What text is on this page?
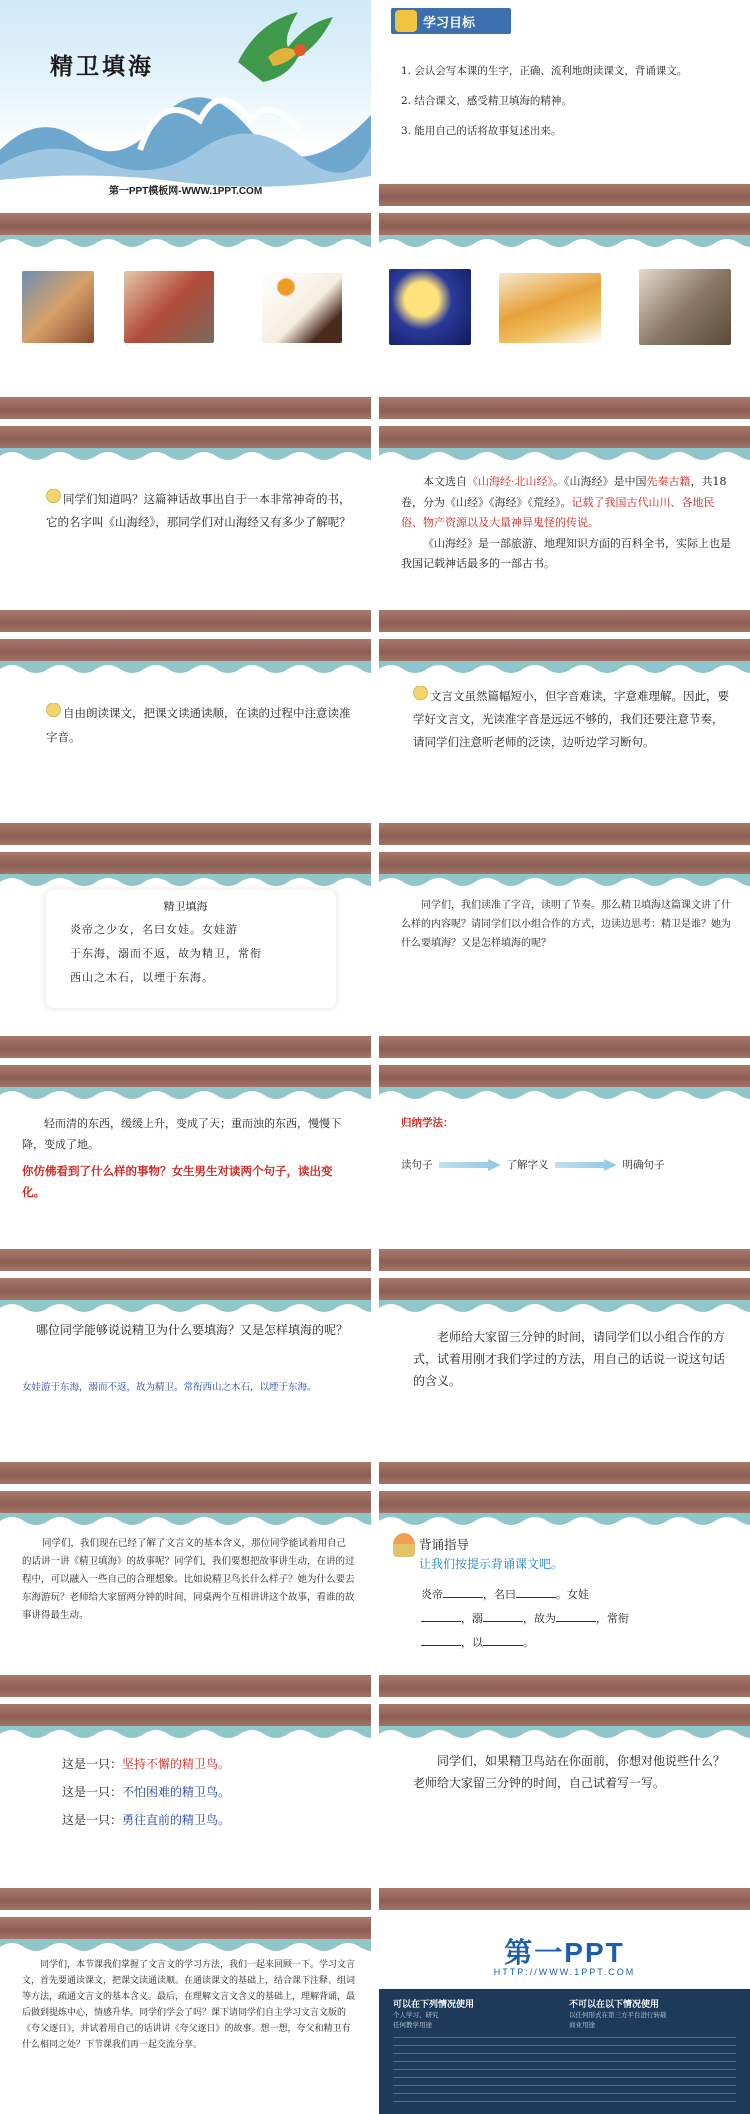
精卫填海
第一PPT模板网-WWW.1PPT.COM
学习目标
1. 会认会写本课的生字，正确、流利地朗读课文，背诵课文。
2. 结合课文，感受精卫填海的精神。
3. 能用自己的话将故事复述出来。
同学们知道吗？这篇神话故事出自于一本非常神奇的书，它的名字叫《山海经》，那同学们对山海经又有多少了解呢？

本文选自《山海经·北山经》。《山海经》是中国先秦古籍，共18卷，分为《山经》《海经》《荒经》。记载了我国古代山川、各地民俗、物产资源以及大量神异鬼怪的传说。

《山海经》是一部旅游、地理知识方面的百科全书，实际上也是我国记载神话最多的一部古书。

自由朗读课文，把课文读通读顺，在读的过程中注意读准字音。
文言文虽然篇幅短小，但字音难读，字意难理解。因此，要学好文言文，光读准字音是远远不够的，我们还要注意节奏，请同学们注意听老师的泛读，边听边学习断句。
精卫填海
炎帝之少女，名曰女娃。女娃游
于东海，溺而不返，故为精卫，常衔
西山之木石，以堙于东海。
同学们，我们读准了字音，读明了节奏。那么精卫填海这篇课文讲了什么样的内容呢？请同学们以小组合作的方式，边读边思考：精卫是谁？她为什么要填海？又是怎样填海的呢？
轻而清的东西，缓缓上升，变成了天；重而浊的东西，慢慢下降，变成了地。
你仿佛看到了什么样的事物？女生男生对读两个句子，读出变化。
归纳学法：
读句子	了解字义	明确句子
哪位同学能够说说精卫为什么要填海？又是怎样填海的呢？
女娃游于东海，溺而不返，故为精卫。常衔西山之木石，以堙于东海。
老师给大家留三分钟的时间，请同学们以小组合作的方式，试着用刚才我们学过的方法，用自己的话说一说这句话的含义。
同学们，我们现在已经了解了文言文的基本含义，那位同学能试着用自己的话讲一讲《精卫填海》的故事呢？同学们，我们要想把故事讲生动，在讲的过程中，可以融入一些自己的合理想象。比如说精卫鸟长什么样子？她为什么要去东海游玩？老师给大家留两分钟的时间，同桌两个互相讲讲这个故事，看谁的故事讲得最生动。
背诵指导
让我们按提示背诵课文吧。
炎帝	，名曰	。女娃
，溺	，故为	，常衔
，以	。
这是一只：坚持不懈的精卫鸟。
这是一只：不怕困难的精卫鸟。
这是一只：勇往直前的精卫鸟。
同学们，如果精卫鸟站在你面前，你想对他说些什么？老师给大家留三分钟的时间，自己试着写一写。
同学们，本节课我们掌握了文言文的学习方法，我们一起来回顾一下。学习文言文，首先要通读课文，把课文读通读顺。在通读课文的基础上，结合课下注释、组词等方法，疏通文言文的基本含义。最后，在理解文言文含义的基础上，理解背诵，最后做到提炼中心，情感升华。同学们学会了吗？课下请同学们自主学习文言文版的《夸父逐日》，并试着用自己的话讲讲《夸父逐日》的故事。想一想，夸父和精卫有什么相同之处？下节课我们再一起交流分享。
第一PPT
HTTP://WWW.1PPT.COM
可以在下列情况使用	不可以在以下情况使用
个人学习、研究
任何教学用途
以任何形式在第三方平台进行转载
商业用途
